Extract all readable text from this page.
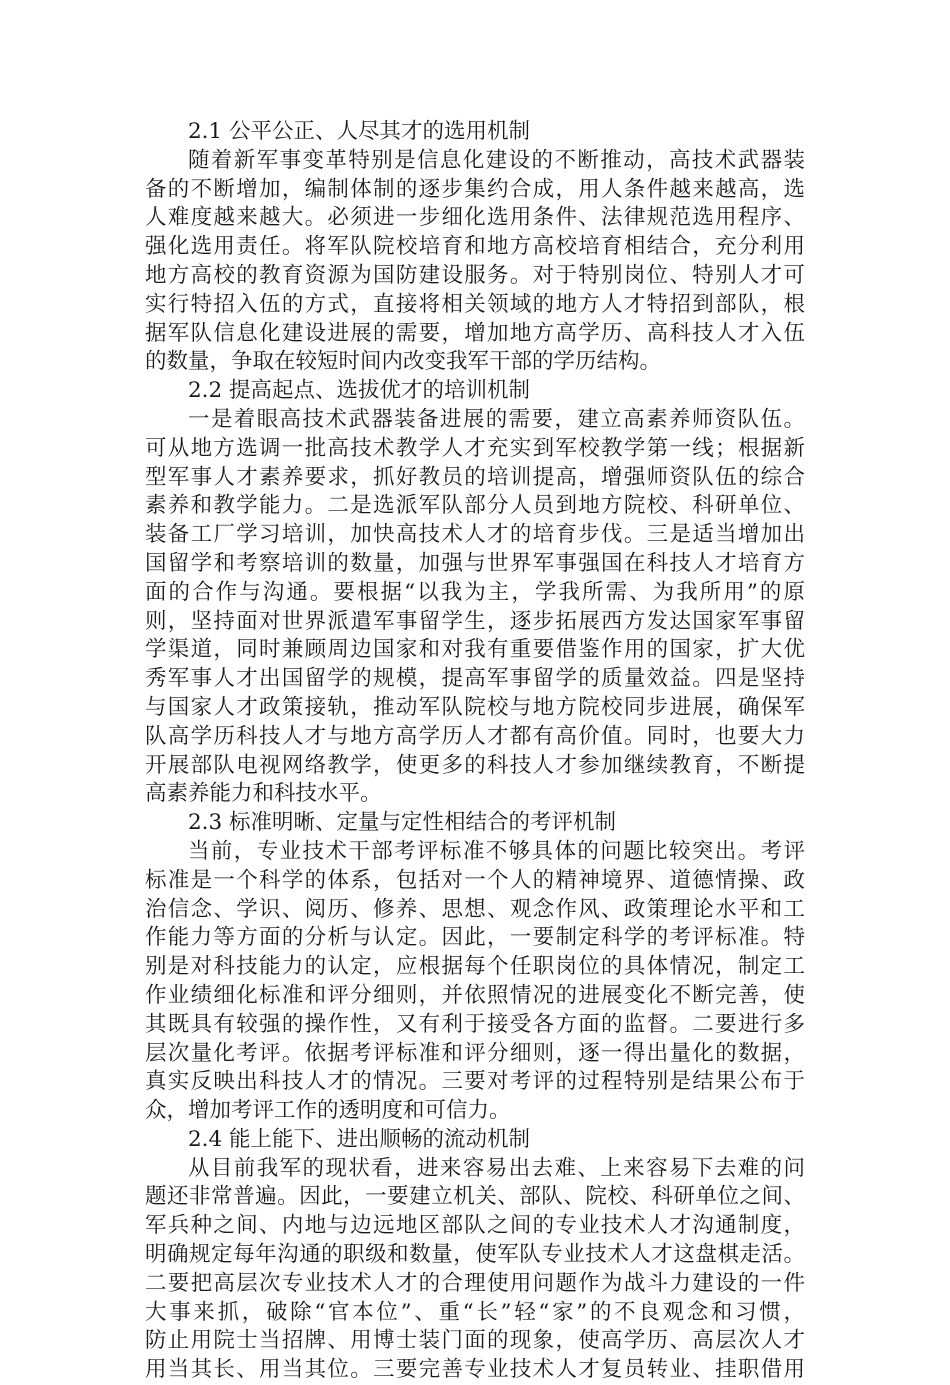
2.1 公平公正、人尽其才的选用机制
随着新军事变革特别是信息化建设的不断推动，高技术武器装
备的不断增加，编制体制的逐步集约合成，用人条件越来越高，选
人难度越来越大。必须进一步细化选用条件、法律规范选用程序、
强化选用责任。将军队院校培育和地方高校培育相结合，充分利用
地方高校的教育资源为国防建设服务。对于特别岗位、特别人才可
实行特招入伍的方式，直接将相关领域的地方人才特招到部队，根
据军队信息化建设进展的需要，增加地方高学历、高科技人才入伍
的数量，争取在较短时间内改变我军干部的学历结构。
2.2 提高起点、选拔优才的培训机制
一是着眼高技术武器装备进展的需要，建立高素养师资队伍。
可从地方选调一批高技术教学人才充实到军校教学第一线；根据新
型军事人才素养要求，抓好教员的培训提高，增强师资队伍的综合
素养和教学能力。二是选派军队部分人员到地方院校、科研单位、
装备工厂学习培训，加快高技术人才的培育步伐。三是适当增加出
国留学和考察培训的数量，加强与世界军事强国在科技人才培育方
面的合作与沟通。要根据“以我为主，学我所需、为我所用”的原
则，坚持面对世界派遣军事留学生，逐步拓展西方发达国家军事留
学渠道，同时兼顾周边国家和对我有重要借鉴作用的国家，扩大优
秀军事人才出国留学的规模，提高军事留学的质量效益。四是坚持
与国家人才政策接轨，推动军队院校与地方院校同步进展，确保军
队高学历科技人才与地方高学历人才都有高价值。同时，也要大力
开展部队电视网络教学，使更多的科技人才参加继续教育，不断提
高素养能力和科技水平。
2.3 标准明晰、定量与定性相结合的考评机制
当前，专业技术干部考评标准不够具体的问题比较突出。考评
标准是一个科学的体系，包括对一个人的精神境界、道德情操、政
治信念、学识、阅历、修养、思想、观念作风、政策理论水平和工
作能力等方面的分析与认定。因此，一要制定科学的考评标准。特
别是对科技能力的认定，应根据每个任职岗位的具体情况，制定工
作业绩细化标准和评分细则，并依照情况的进展变化不断完善，使
其既具有较强的操作性，又有利于接受各方面的监督。二要进行多
层次量化考评。依据考评标准和评分细则，逐一得出量化的数据，
真实反映出科技人才的情况。三要对考评的过程特别是结果公布于
众，增加考评工作的透明度和可信力。
2.4 能上能下、进出顺畅的流动机制
从目前我军的现状看，进来容易出去难、上来容易下去难的问
题还非常普遍。因此，一要建立机关、部队、院校、科研单位之间、
军兵种之间、内地与边远地区部队之间的专业技术人才沟通制度，
明确规定每年沟通的职级和数量，使军队专业技术人才这盘棋走活。
二要把高层次专业技术人才的合理使用问题作为战斗力建设的一件
大事来抓，破除“官本位”、重“长”轻“家”的不良观念和习惯，
防止用院士当招牌、用博士装门面的现象，使高学历、高层次人才
用当其长、用当其位。三要完善专业技术人才复员转业、挂职借用
